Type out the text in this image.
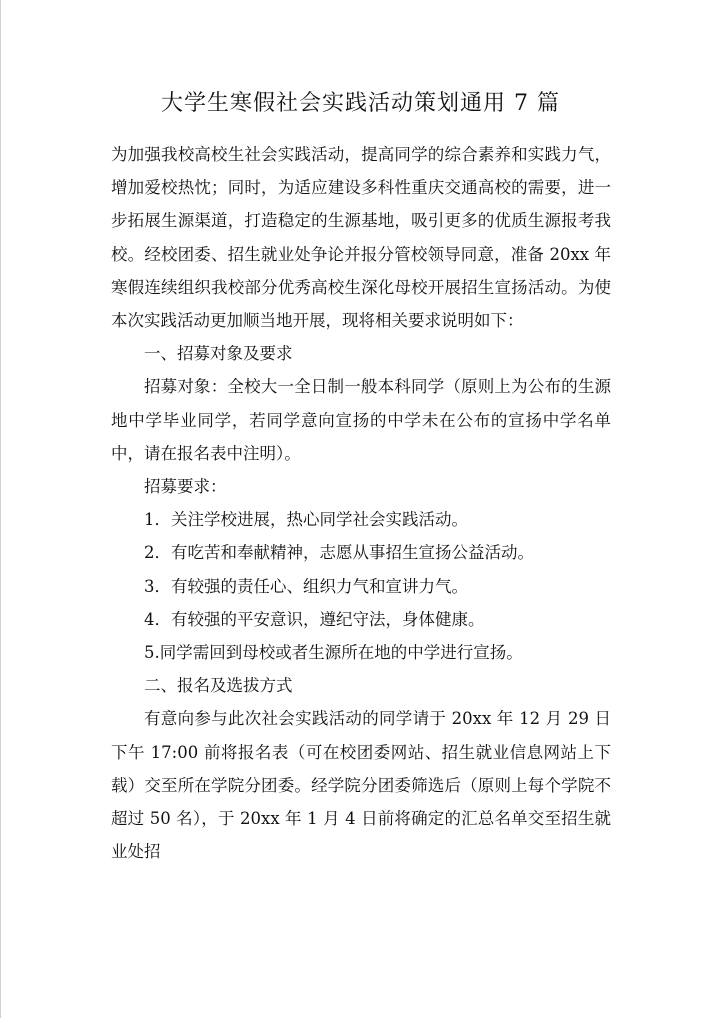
大学生寒假社会实践活动策划通用 7 篇

为加强我校高校生社会实践活动，提高同学的综合素养和实践力气，增加爱校热忱；同时，为适应建设多科性重庆交通高校的需要，进一步拓展生源渠道，打造稳定的生源基地，吸引更多的优质生源报考我校。经校团委、招生就业处争论并报分管校领导同意，准备 20xx 年寒假连续组织我校部分优秀高校生深化母校开展招生宣扬活动。为使本次实践活动更加顺当地开展，现将相关要求说明如下：

一、招募对象及要求

招募对象：全校大一全日制一般本科同学（原则上为公布的生源地中学毕业同学，若同学意向宣扬的中学未在公布的宣扬中学名单中，请在报名表中注明）。

招募要求：

1．关注学校进展，热心同学社会实践活动。

2．有吃苦和奉献精神，志愿从事招生宣扬公益活动。

3．有较强的责任心、组织力气和宣讲力气。

4．有较强的平安意识，遵纪守法，身体健康。

5.同学需回到母校或者生源所在地的中学进行宣扬。

二、报名及选拔方式

有意向参与此次社会实践活动的同学请于 20xx 年 12 月 29 日下午 17:00 前将报名表（可在校团委网站、招生就业信息网站上下载）交至所在学院分团委。经学院分团委筛选后（原则上每个学院不超过 50 名），于 20xx 年 1 月 4 日前将确定的汇总名单交至招生就业处招
